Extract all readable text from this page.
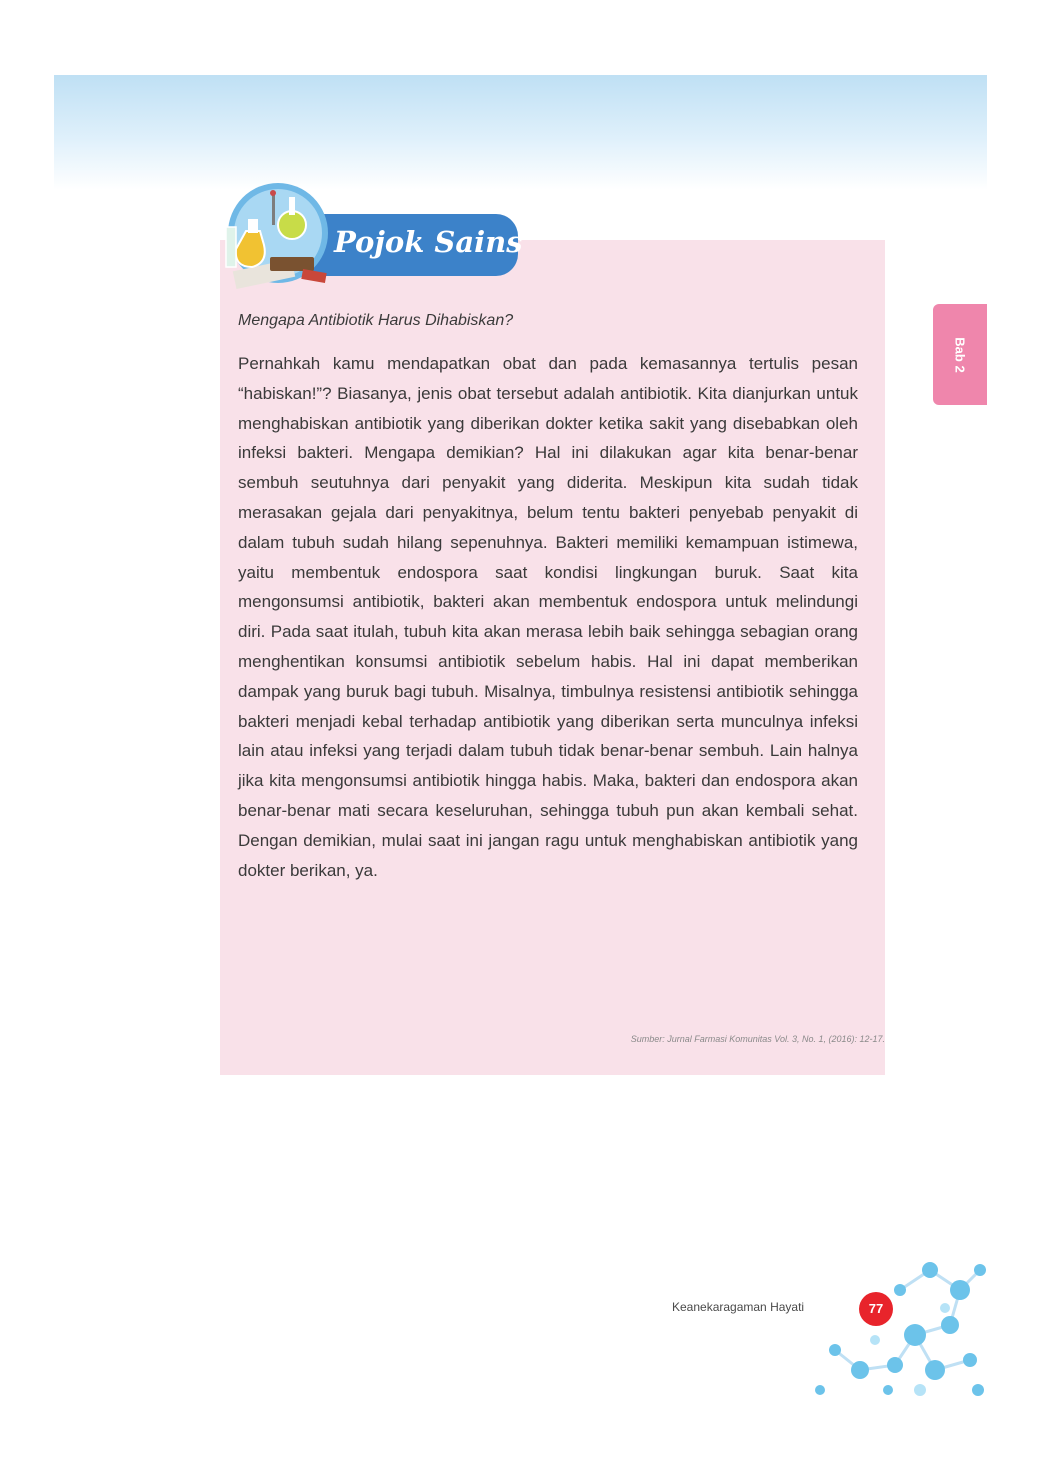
Bab 2
Pojok Sains
Mengapa Antibiotik Harus Dihabiskan?

Pernahkah kamu mendapatkan obat dan pada kemasannya tertulis pesan “habiskan!”? Biasanya, jenis obat tersebut adalah antibiotik. Kita dianjurkan untuk menghabiskan antibiotik yang diberikan dokter ketika sakit yang disebabkan oleh infeksi bakteri. Mengapa demikian? Hal ini dilakukan agar kita benar-benar sembuh seutuhnya dari penyakit yang diderita. Meskipun kita sudah tidak merasakan gejala dari penyakitnya, belum tentu bakteri penyebab penyakit di dalam tubuh sudah hilang sepenuhnya. Bakteri memiliki kemampuan istimewa, yaitu membentuk endospora saat kondisi lingkungan buruk. Saat kita mengonsumsi antibiotik, bakteri akan membentuk endospora untuk melindungi diri. Pada saat itulah, tubuh kita akan merasa lebih baik sehingga sebagian orang menghentikan konsumsi antibiotik sebelum habis. Hal ini dapat memberikan dampak yang buruk bagi tubuh. Misalnya, timbulnya resistensi antibiotik sehingga bakteri menjadi kebal terhadap antibiotik yang diberikan serta munculnya infeksi lain atau infeksi yang terjadi dalam tubuh tidak benar-benar sembuh. Lain halnya jika kita mengonsumsi antibiotik hingga habis. Maka, bakteri dan endospora akan benar-benar mati secara keseluruhan, sehingga tubuh pun akan kembali sehat. Dengan demikian, mulai saat ini jangan ragu untuk menghabiskan antibiotik yang dokter berikan, ya.

Sumber: Jurnal Farmasi Komunitas Vol. 3, No. 1, (2016): 12-17.
Keanekaragaman Hayati	77
